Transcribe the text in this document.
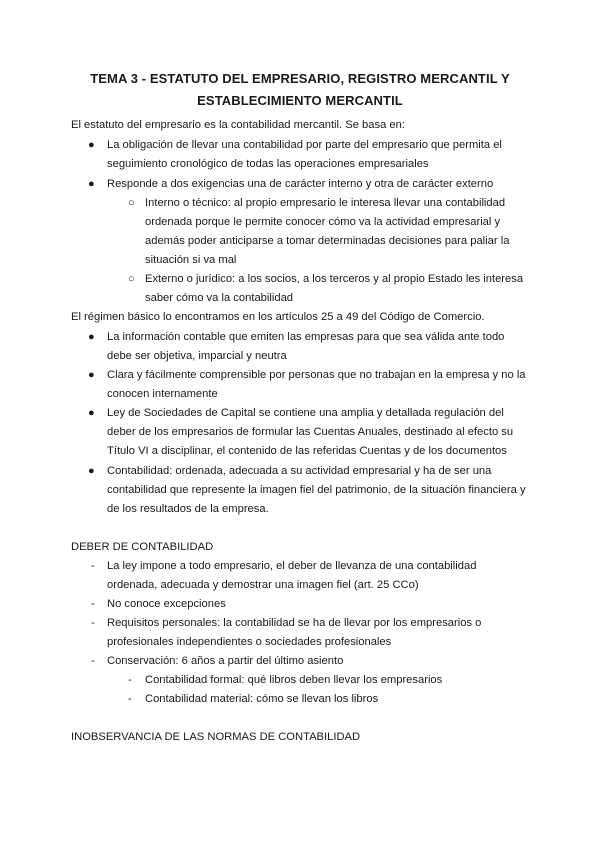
TEMA 3 - ESTATUTO DEL EMPRESARIO, REGISTRO MERCANTIL Y
ESTABLECIMIENTO MERCANTIL
El estatuto del empresario es la contabilidad mercantil. Se basa en:
● La obligación de llevar una contabilidad por parte del empresario que permita el
seguimiento cronológico de todas las operaciones empresariales
● Responde a dos exigencias una de carácter interno y otra de carácter externo
○ Interno o técnico: al propio empresario le interesa llevar una contabilidad
ordenada porque le permite conocer cómo va la actividad empresarial y
además poder anticiparse a tomar determinadas decisiones para paliar la
situación si va mal
○ Externo o jurídico: a los socios, a los terceros y al propio Estado les interesa
saber cómo va la contabilidad
El régimen básico lo encontramos en los artículos 25 a 49 del Código de Comercio.
● La información contable que emiten las empresas para que sea válida ante todo
debe ser objetiva, imparcial y neutra
● Clara y fácilmente comprensible por personas que no trabajan en la empresa y no la
conocen internamente
● Ley de Sociedades de Capital se contiene una amplia y detallada regulación del
deber de los empresarios de formular las Cuentas Anuales, destinado al efecto su
Título VI a disciplinar, el contenido de las referidas Cuentas y de los documentos
● Contabilidad: ordenada, adecuada a su actividad empresarial y ha de ser una
contabilidad que represente la imagen fiel del patrimonio, de la situación financiera y
de los resultados de la empresa.
DEBER DE CONTABILIDAD
- La ley impone a todo empresario, el deber de llevanza de una contabilidad
ordenada, adecuada y demostrar una imagen fiel (art. 25 CCo)
- No conoce excepciones
- Requisitos personales: la contabilidad se ha de llevar por los empresarios o
profesionales independientes o sociedades profesionales
- Conservación: 6 años a partir del último asiento
- Contabilidad formal: qué libros deben llevar los empresarios
- Contabilidad material: cómo se llevan los libros
INOBSERVANCIA DE LAS NORMAS DE CONTABILIDAD
